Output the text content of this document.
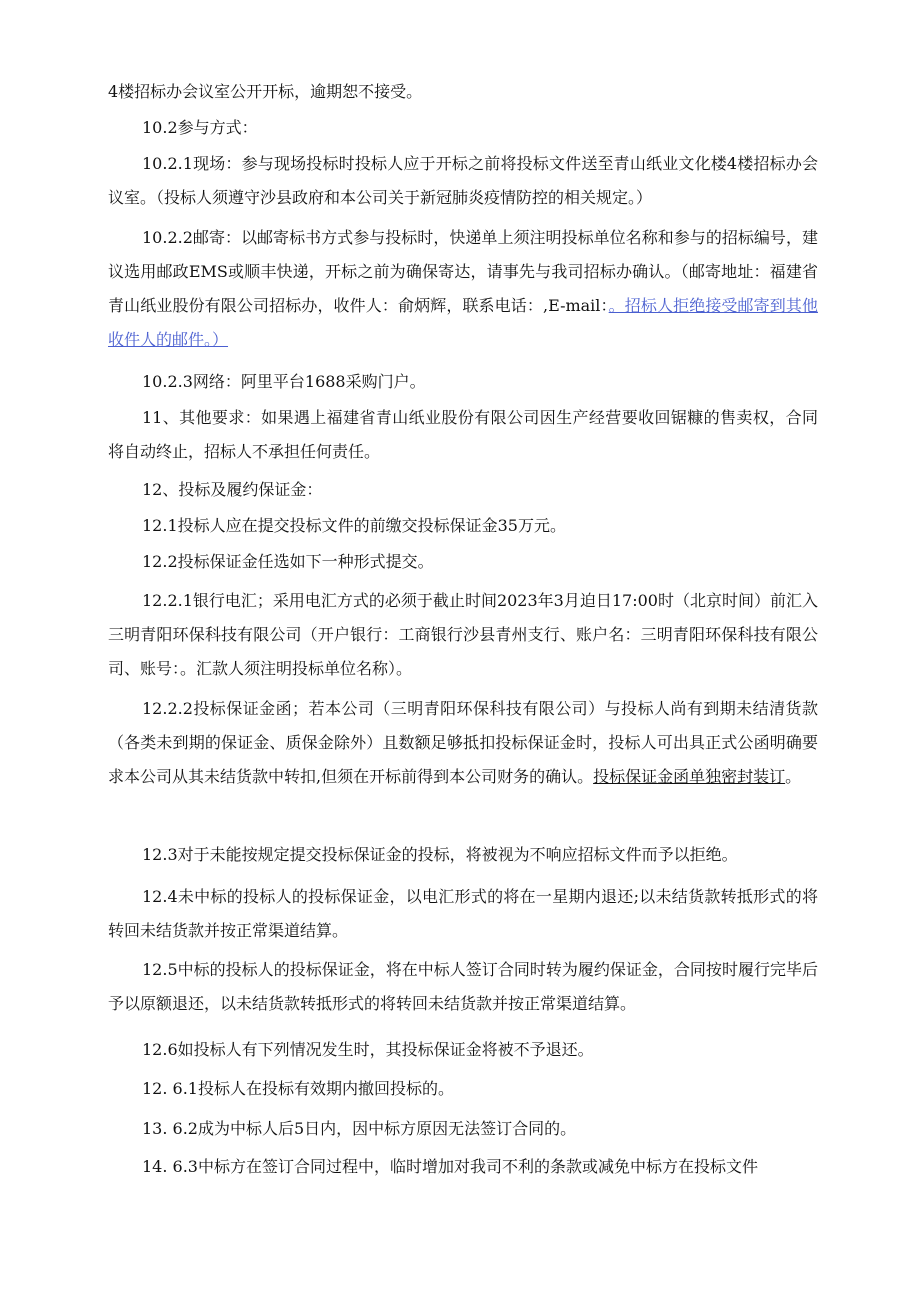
4楼招标办会议室公开开标，逾期恕不接受。

10.2参与方式：

10.2.1现场：参与现场投标时投标人应于开标之前将投标文件送至青山纸业文化楼4楼招标办会议室。（投标人须遵守沙县政府和本公司关于新冠肺炎疫情防控的相关规定。）

10.2.2邮寄：以邮寄标书方式参与投标时，快递单上须注明投标单位名称和参与的招标编号，建议选用邮政EMS或顺丰快递，开标之前为确保寄达，请事先与我司招标办确认。（邮寄地址：福建省青山纸业股份有限公司招标办，收件人：俞炳辉，联系电话：,E-mail：。招标人拒绝接受邮寄到其他收件人的邮件。）

10.2.3网络：阿里平台1688采购门户。

11、其他要求：如果遇上福建省青山纸业股份有限公司因生产经营要收回锯糠的售卖权，合同将自动终止，招标人不承担任何责任。

12、投标及履约保证金：

12.1投标人应在提交投标文件的前缴交投标保证金35万元。

12.2投标保证金任选如下一种形式提交。

12.2.1银行电汇；采用电汇方式的必须于截止时间2023年3月迫日17:00时（北京时间）前汇入三明青阳环保科技有限公司（开户银行：工商银行沙县青州支行、账户名：三明青阳环保科技有限公司、账号：。汇款人须注明投标单位名称）。

12.2.2投标保证金函；若本公司（三明青阳环保科技有限公司）与投标人尚有到期未结清货款（各类未到期的保证金、质保金除外）且数额足够抵扣投标保证金时，投标人可出具正式公函明确要求本公司从其未结货款中转扣,但须在开标前得到本公司财务的确认。投标保证金函单独密封装订。

12.3对于未能按规定提交投标保证金的投标，将被视为不响应招标文件而予以拒绝。

12.4未中标的投标人的投标保证金，以电汇形式的将在一星期内退还;以未结货款转抵形式的将转回未结货款并按正常渠道结算。

12.5中标的投标人的投标保证金，将在中标人签订合同时转为履约保证金，合同按时履行完毕后予以原额退还，以未结货款转抵形式的将转回未结货款并按正常渠道结算。

12.6如投标人有下列情况发生时，其投标保证金将被不予退还。

12. 6.1投标人在投标有效期内撤回投标的。

13. 6.2成为中标人后5日内，因中标方原因无法签订合同的。

14. 6.3中标方在签订合同过程中，临时增加对我司不利的条款或减免中标方在投标文件
